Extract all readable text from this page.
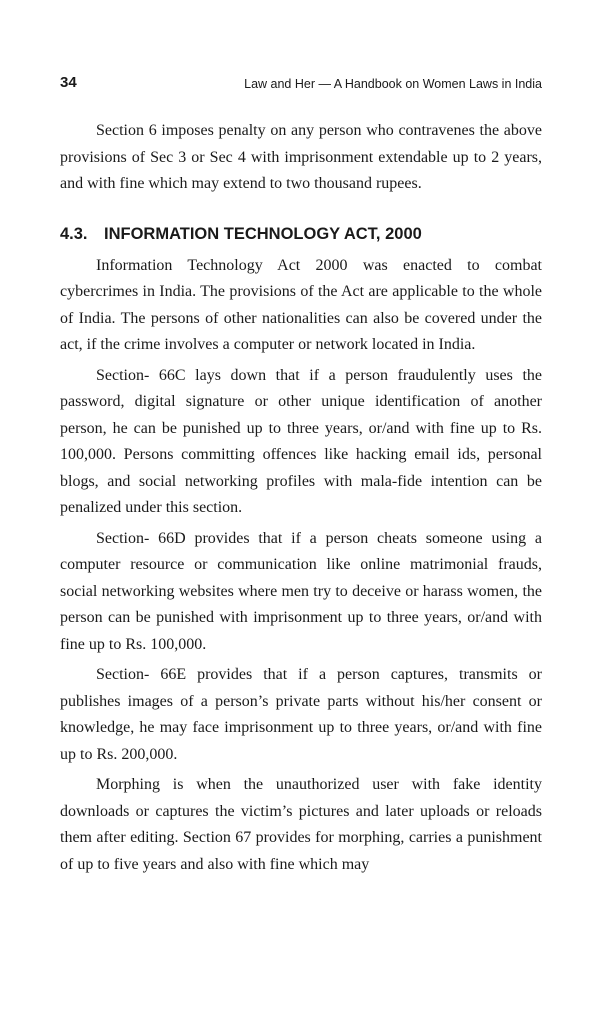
34	Law and Her — A Handbook on Women Laws in India

Section 6 imposes penalty on any person who contravenes the above provisions of Sec 3 or Sec 4 with imprisonment extendable up to 2 years, and with fine which may extend to two thousand rupees.

4.3. INFORMATION TECHNOLOGY ACT, 2000

Information Technology Act 2000 was enacted to combat cybercrimes in India. The provisions of the Act are applicable to the whole of India. The persons of other nationalities can also be covered under the act, if the crime involves a computer or network located in India.

Section- 66C lays down that if a person fraudulently uses the password, digital signature or other unique identification of another person, he can be punished up to three years, or/and with fine up to Rs. 100,000. Persons committing offences like hacking email ids, personal blogs, and social networking profiles with mala-fide intention can be penalized under this section.

Section- 66D provides that if a person cheats someone using a computer resource or communication like online matrimonial frauds, social networking websites where men try to deceive or harass women, the person can be punished with imprisonment up to three years, or/and with fine up to Rs. 100,000.

Section- 66E provides that if a person captures, transmits or publishes images of a person’s private parts without his/her consent or knowledge, he may face imprisonment up to three years, or/and with fine up to Rs. 200,000.

Morphing is when the unauthorized user with fake identity downloads or captures the victim’s pictures and later uploads or reloads them after editing. Section 67 provides for morphing, carries a punishment of up to five years and also with fine which may
